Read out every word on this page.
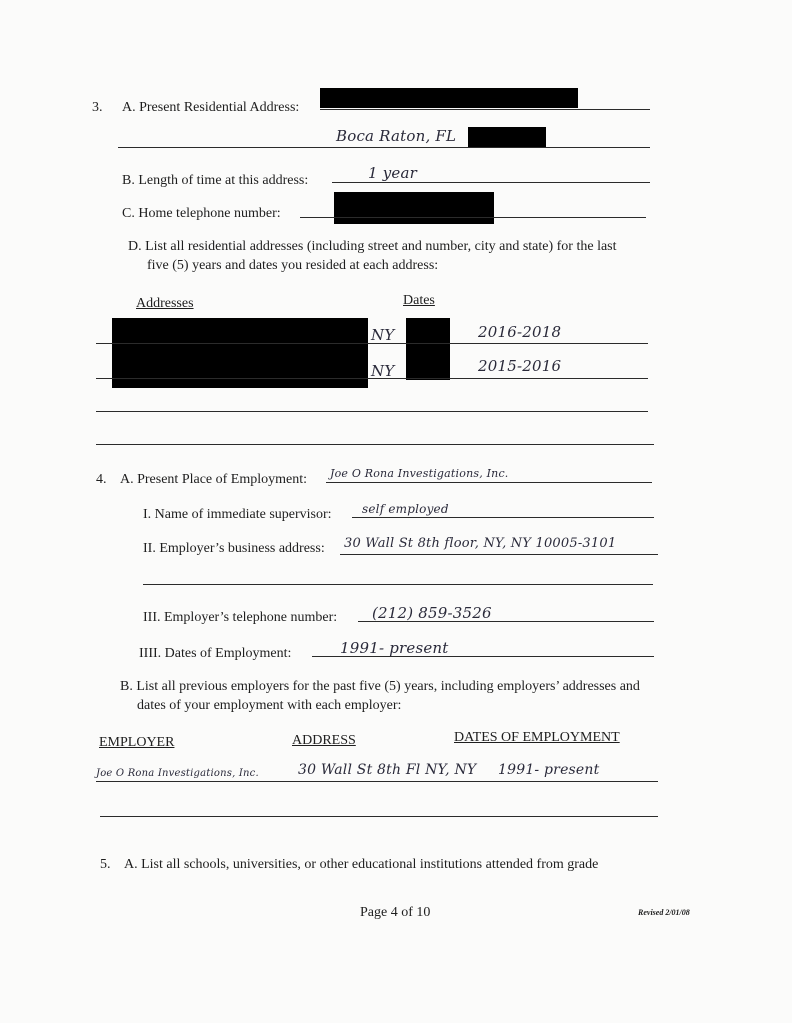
3. A. Present Residential Address:
Boca Raton, FL
B. Length of time at this address:	1 year
C. Home telephone number:
D. List all residential addresses (including street and number, city and state) for the last
five (5) years and dates you resided at each address:
Addresses	Dates
NY	2016-2018
NY	2015-2016
4. A. Present Place of Employment: Joe O Rona Investigations, Inc.
I. Name of immediate supervisor:	self employed
II. Employer’s business address: 30 Wall St 8th floor, NY, NY 10005-3101
III. Employer’s telephone number: (212) 859-3526
IIII. Dates of Employment:	1991- present
B. List all previous employers for the past five (5) years, including employers’ addresses and
dates of your employment with each employer:
EMPLOYER	ADDRESS	DATES OF EMPLOYMENT
Joe O Rona Investigations, Inc.	30 Wall St 8th Fl NY, NY 1991- present
5. A. List all schools, universities, or other educational institutions attended from grade
Page 4 of 10	Revised 2/01/08
